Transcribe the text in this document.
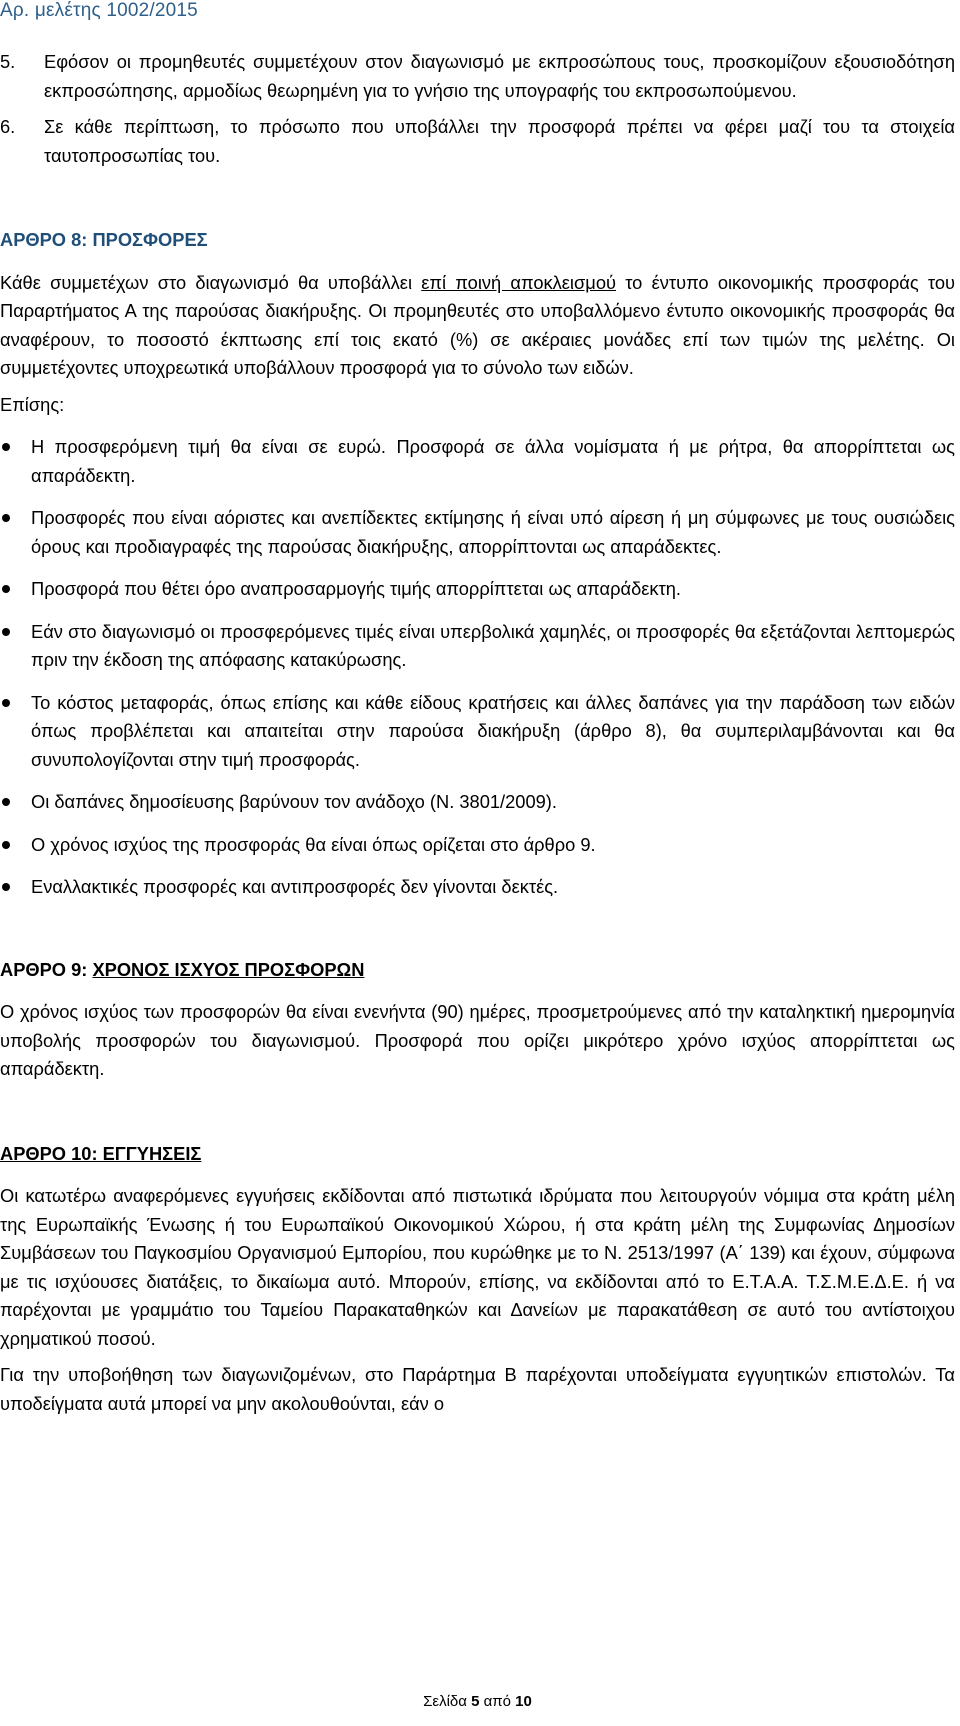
Αρ. μελέτης 1002/2015
5. Εφόσον οι προμηθευτές συμμετέχουν στον διαγωνισμό με εκπροσώπους τους, προσκομίζουν εξουσιοδότηση εκπροσώπησης, αρμοδίως θεωρημένη για το γνήσιο της υπογραφής του εκπροσωπούμενου.
6. Σε κάθε περίπτωση, το πρόσωπο που υποβάλλει την προσφορά πρέπει να φέρει μαζί του τα στοιχεία ταυτοπροσωπίας του.

ΑΡΘΡΟ 8: ΠΡΟΣΦΟΡΕΣ

Κάθε συμμετέχων στο διαγωνισμό θα υποβάλλει επί ποινή αποκλεισμού το έντυπο οικονομικής προσφοράς του Παραρτήματος Α της παρούσας διακήρυξης. Οι προμηθευτές στο υποβαλλόμενο έντυπο οικονομικής προσφοράς θα αναφέρουν, το ποσοστό έκπτωσης επί τοις εκατό (%) σε ακέραιες μονάδες επί των τιμών της μελέτης. Οι συμμετέχοντες υποχρεωτικά υποβάλλουν προσφορά για το σύνολο των ειδών.

Επίσης:

Η προσφερόμενη τιμή θα είναι σε ευρώ. Προσφορά σε άλλα νομίσματα ή με ρήτρα, θα απορρίπτεται ως απαράδεκτη.
Προσφορές που είναι αόριστες και ανεπίδεκτες εκτίμησης ή είναι υπό αίρεση ή μη σύμφωνες με τους ουσιώδεις όρους και προδιαγραφές της παρούσας διακήρυξης, απορρίπτονται ως απαράδεκτες.
Προσφορά που θέτει όρο αναπροσαρμογής τιμής απορρίπτεται ως απαράδεκτη.
Εάν στο διαγωνισμό οι προσφερόμενες τιμές είναι υπερβολικά χαμηλές, οι προσφορές θα εξετάζονται λεπτομερώς πριν την έκδοση της απόφασης κατακύρωσης.
Το κόστος μεταφοράς, όπως επίσης και κάθε είδους κρατήσεις και άλλες δαπάνες για την παράδοση των ειδών όπως προβλέπεται και απαιτείται στην παρούσα διακήρυξη (άρθρο 8), θα συμπεριλαμβάνονται και θα συνυπολογίζονται στην τιμή προσφοράς.
Οι δαπάνες δημοσίευσης βαρύνουν τον ανάδοχο (Ν. 3801/2009).
Ο χρόνος ισχύος της προσφοράς θα είναι όπως ορίζεται στο άρθρο 9.
Εναλλακτικές προσφορές και αντιπροσφορές δεν γίνονται δεκτές.

ΑΡΘΡΟ 9: ΧΡΟΝΟΣ ΙΣΧΥΟΣ ΠΡΟΣΦΟΡΩΝ

Ο χρόνος ισχύος των προσφορών θα είναι ενενήντα (90) ημέρες, προσμετρούμενες από την καταληκτική ημερομηνία υποβολής προσφορών του διαγωνισμού. Προσφορά που ορίζει μικρότερο χρόνο ισχύος απορρίπτεται ως απαράδεκτη.

ΑΡΘΡΟ 10: ΕΓΓΥΗΣΕΙΣ

Οι κατωτέρω αναφερόμενες εγγυήσεις εκδίδονται από πιστωτικά ιδρύματα που λειτουργούν νόμιμα στα κράτη μέλη της Ευρωπαϊκής Ένωσης ή του Ευρωπαϊκού Οικονομικού Χώρου, ή στα κράτη μέλη της Συμφωνίας Δημοσίων Συμβάσεων του Παγκοσμίου Οργανισμού Εμπορίου, που κυρώθηκε με το Ν. 2513/1997 (Α΄ 139) και έχουν, σύμφωνα με τις ισχύουσες διατάξεις, το δικαίωμα αυτό. Μπορούν, επίσης, να εκδίδονται από το Ε.Τ.Α.Α. Τ.Σ.Μ.Ε.Δ.Ε. ή να παρέχονται με γραμμάτιο του Ταμείου Παρακαταθηκών και Δανείων με παρακατάθεση σε αυτό του αντίστοιχου χρηματικού ποσού.

Για την υποβοήθηση των διαγωνιζομένων, στο Παράρτημα Β παρέχονται υποδείγματα εγγυητικών επιστολών. Τα υποδείγματα αυτά μπορεί να μην ακολουθούνται, εάν ο

Σελίδα 5 από 10
